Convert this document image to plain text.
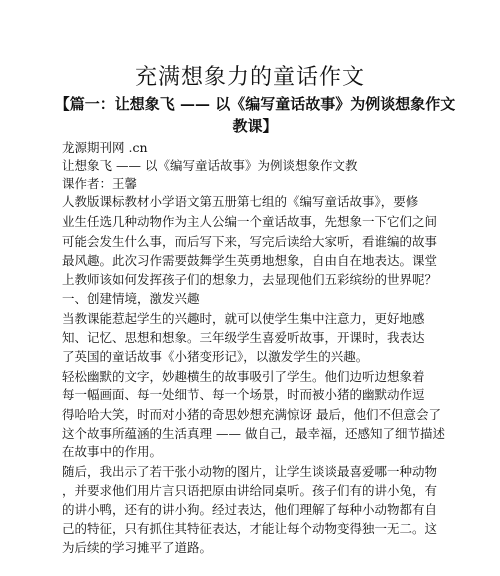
充满想象力的童话作文
【篇一：让想象飞 —— 以《编写童话故事》为例谈想象作文教课】
龙源期刊网 .cn
让想象飞 —— 以《编写童话故事》为例谈想象作文教
课作者：王馨
人教版课标教材小学语文第五册第七组的《编写童话故事》，要修
业生任选几种动物作为主人公编一个童话故事，先想象一下它们之间
可能会发生什么事，而后写下来，写完后读给大家听，看谁编的故事
最风趣。此次习作需要鼓舞学生英勇地想象，自由自在地表达。课堂
上教师该如何发挥孩子们的想象力，去显现他们五彩缤纷的世界呢？
一、创建情境，激发兴趣
当教课能惹起学生的兴趣时，就可以使学生集中注意力，更好地感
知、记忆、思想和想象。三年级学生喜爱听故事，开课时，我表达
了英国的童话故事《小猪变形记》，以激发学生的兴趣。
轻松幽默的文字，妙趣横生的故事吸引了学生。他们边听边想象着
每一幅画面、每一处细节、每一个场景，时而被小猪的幽默动作逗
得哈哈大笑，时而对小猪的奇思妙想充满惊讶 最后，他们不但意会了
这个故事所蕴涵的生活真理 —— 做自己，最幸福，还感知了细节描述
在故事中的作用。
随后，我出示了若干张小动物的图片，让学生谈谈最喜爱哪一种动物
，并要求他们用片言只语把原由讲给同桌听。孩子们有的讲小兔，有
的讲小鸭，还有的讲小狗。经过表达，他们理解了每种小动物都有自
己的特征，只有抓住其特征表达，才能让每个动物变得独一无二。这
为后续的学习摊平了道路。
